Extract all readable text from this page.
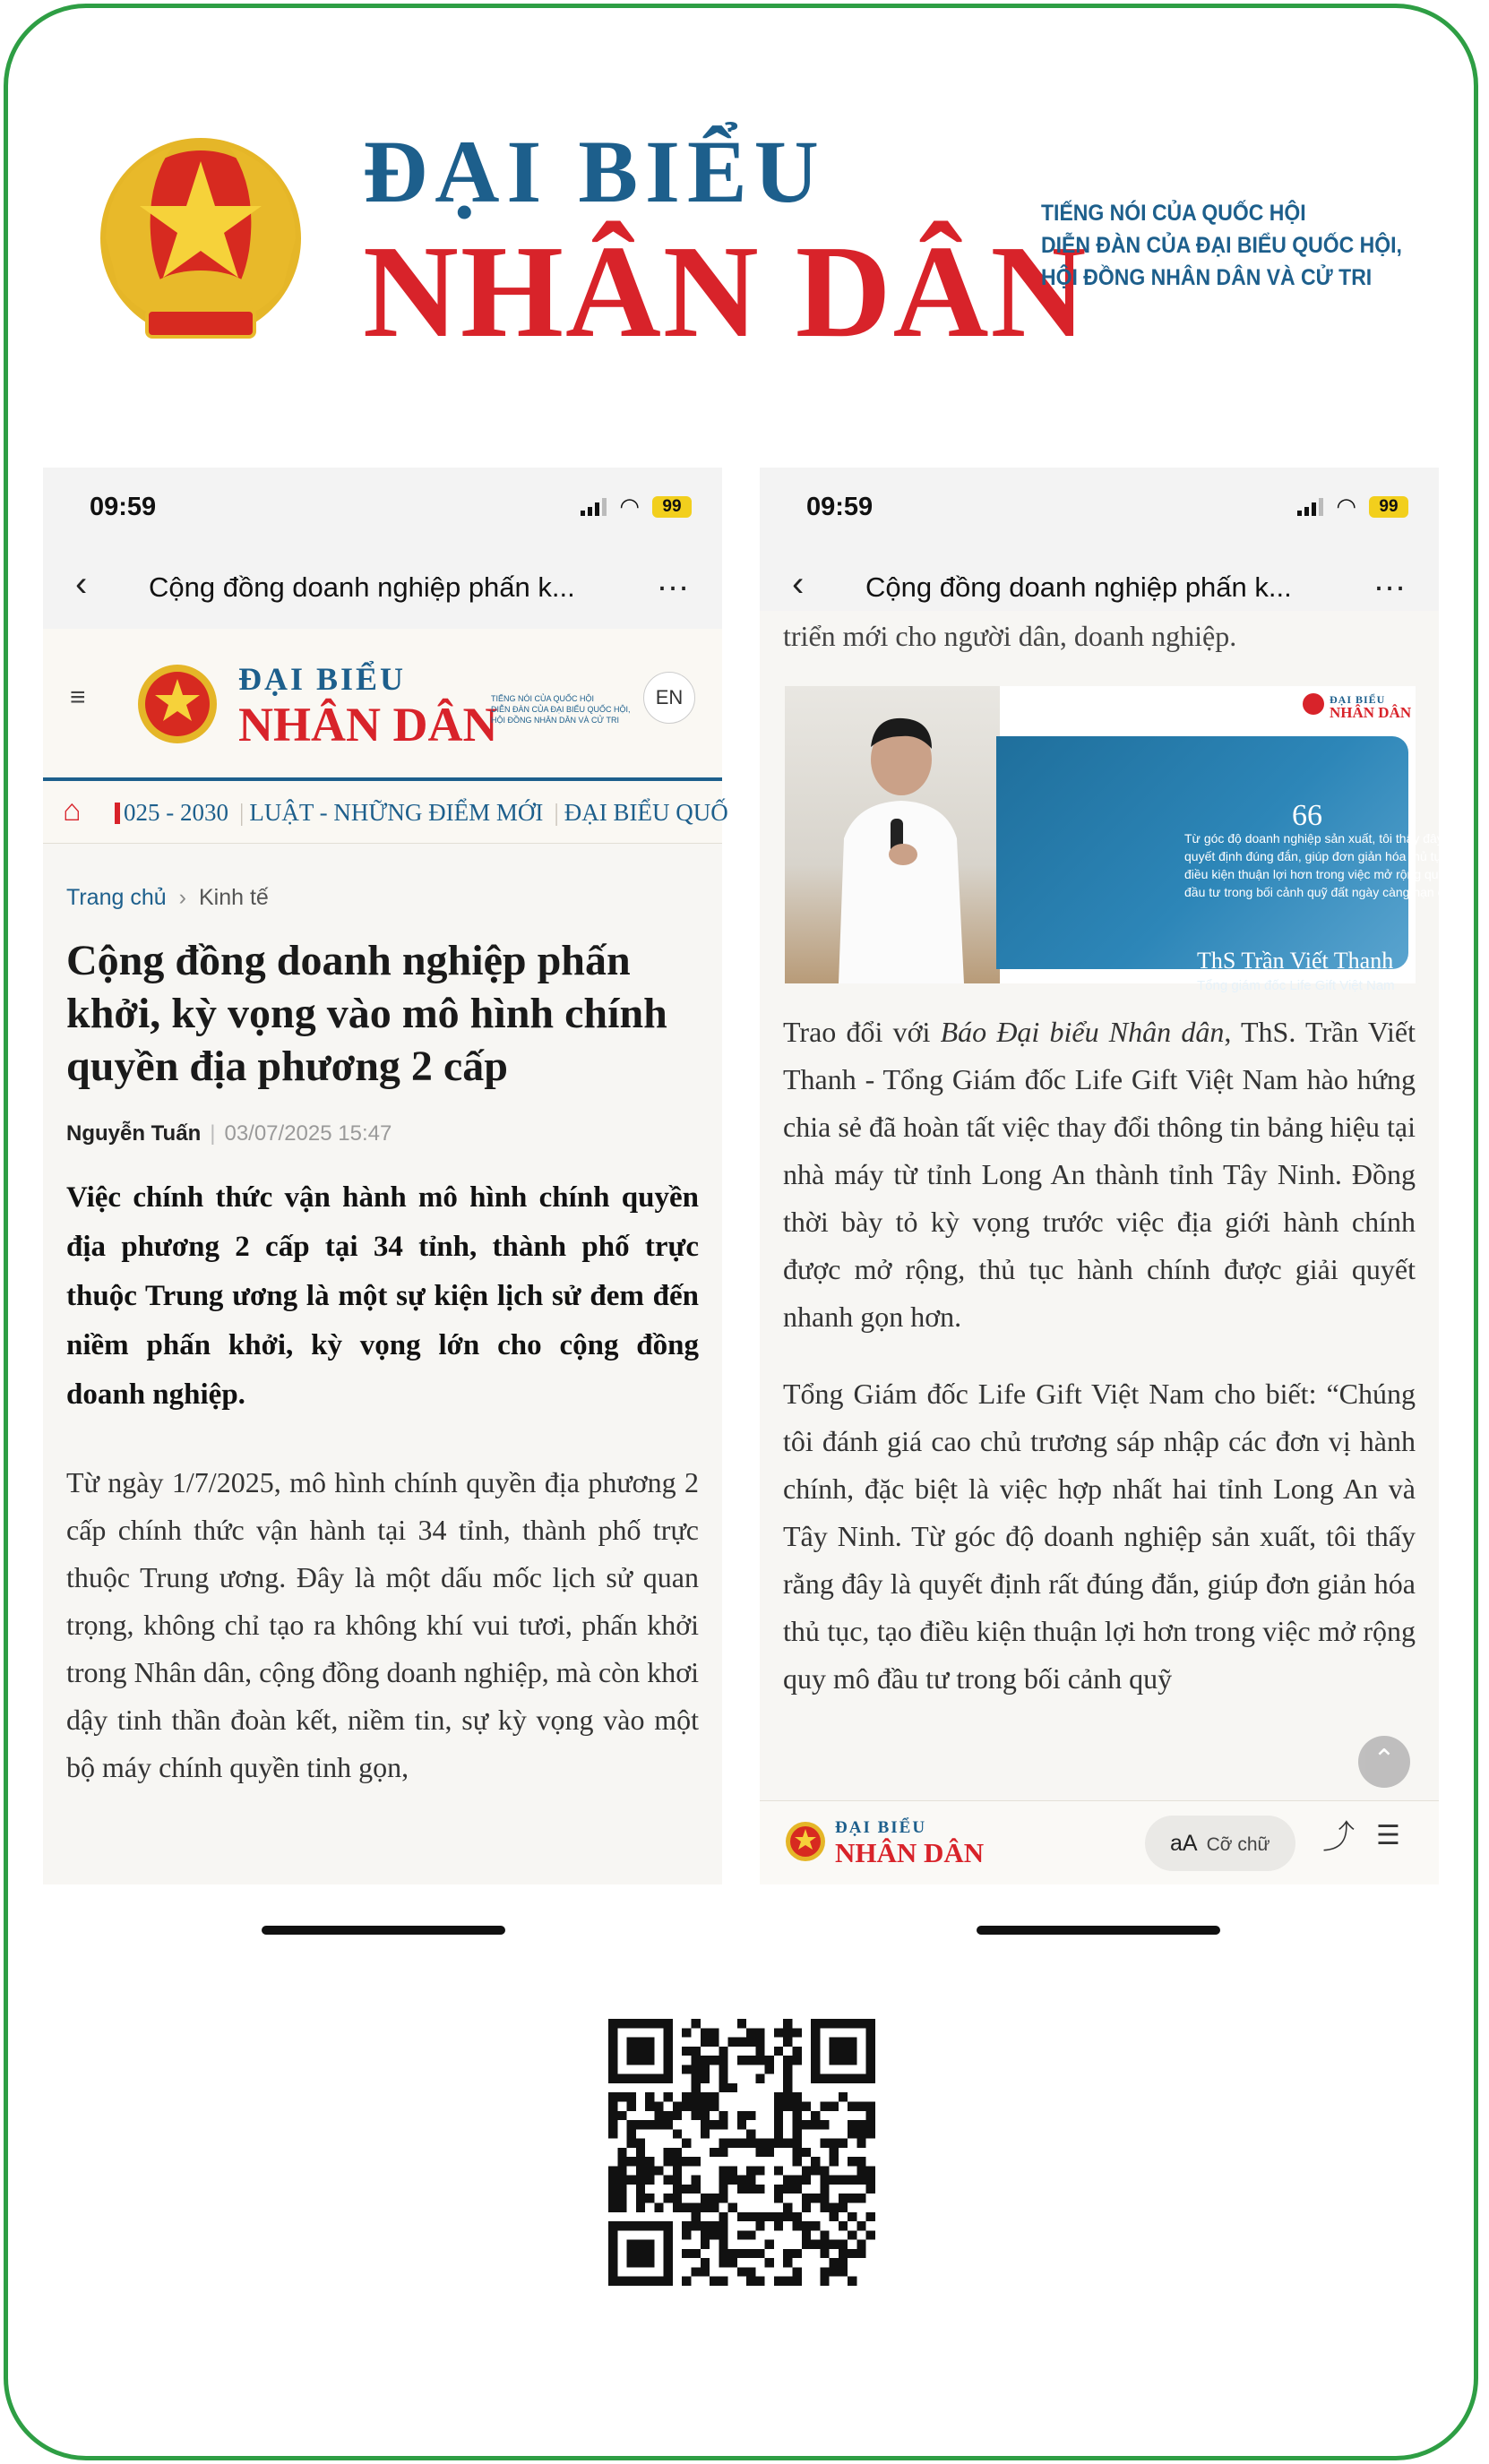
ĐẠI BIỂU
NHÂN DÂN
TIẾNG NÓI CỦA QUỐC HỘI
DIỄN ĐÀN CỦA ĐẠI BIỂU QUỐC HỘI,
HỘI ĐỒNG NHÂN DÂN VÀ CỬ TRI
09:59	◠	99
‹ Cộng đồng doanh nghiệp phấn k...	…
≡
ĐẠI BIỂU
NHÂN DÂN
TIẾNG NÓI CỦA QUỐC HỘI
DIỄN ĐÀN CỦA ĐẠI BIỂU QUỐC HỘI,
HỘI ĐỒNG NHÂN DÂN VÀ CỬ TRI
EN
⌂ 025 - 2030 | LUẬT - NHỮNG ĐIỂM MỚI | ĐẠI BIỂU QUỐ
Trang chủ › Kinh tế
Cộng đồng doanh nghiệp phấn khởi, kỳ vọng vào mô hình chính quyền địa phương 2 cấp
Nguyễn Tuấn | 03/07/2025 15:47

Việc chính thức vận hành mô hình chính quyền địa phương 2 cấp tại 34 tỉnh, thành phố trực thuộc Trung ương là một sự kiện lịch sử đem đến niềm phấn khởi, kỳ vọng lớn cho cộng đồng doanh nghiệp.

Từ ngày 1/7/2025, mô hình chính quyền địa phương 2 cấp chính thức vận hành tại 34 tỉnh, thành phố trực thuộc Trung ương. Đây là một dấu mốc lịch sử quan trọng, không chỉ tạo ra không khí vui tươi, phấn khởi trong Nhân dân, cộng đồng doanh nghiệp, mà còn khơi dậy tinh thần đoàn kết, niềm tin, sự kỳ vọng vào một bộ máy chính quyền tinh gọn,

triển mới cho người dân, doanh nghiệp.
09:59	◠	99
‹ Cộng đồng doanh nghiệp phấn k...	…
66
Từ góc độ doanh nghiệp sản xuất, tôi thấy đây là quyết định đúng đắn, giúp đơn giản hóa thủ tục, tạo điều kiện thuận lợi hơn trong việc mở rộng quy mô đầu tư trong bối cảnh quỹ đất ngày càng hạn chế.
ThS Trần Viết Thanh
Tổng giám đốc Life Gift Việt Nam
ĐẠI BIỂU
NHÂN DÂN

Trao đổi với Báo Đại biểu Nhân dân, ThS. Trần Viết Thanh - Tổng Giám đốc Life Gift Việt Nam hào hứng chia sẻ đã hoàn tất việc thay đổi thông tin bảng hiệu tại nhà máy từ tỉnh Long An thành tỉnh Tây Ninh. Đồng thời bày tỏ kỳ vọng trước việc địa giới hành chính được mở rộng, thủ tục hành chính được giải quyết nhanh gọn hơn.

Tổng Giám đốc Life Gift Việt Nam cho biết: “Chúng tôi đánh giá cao chủ trương sáp nhập các đơn vị hành chính, đặc biệt là việc hợp nhất hai tỉnh Long An và Tây Ninh. Từ góc độ doanh nghiệp sản xuất, tôi thấy rằng đây là quyết định rất đúng đắn, giúp đơn giản hóa thủ tục, tạo điều kiện thuận lợi hơn trong việc mở rộng quy mô đầu tư trong bối cảnh quỹ

⌃
ĐẠI BIỂU
NHÂN DÂN	aA Cỡ chữ	⤴ ☰
